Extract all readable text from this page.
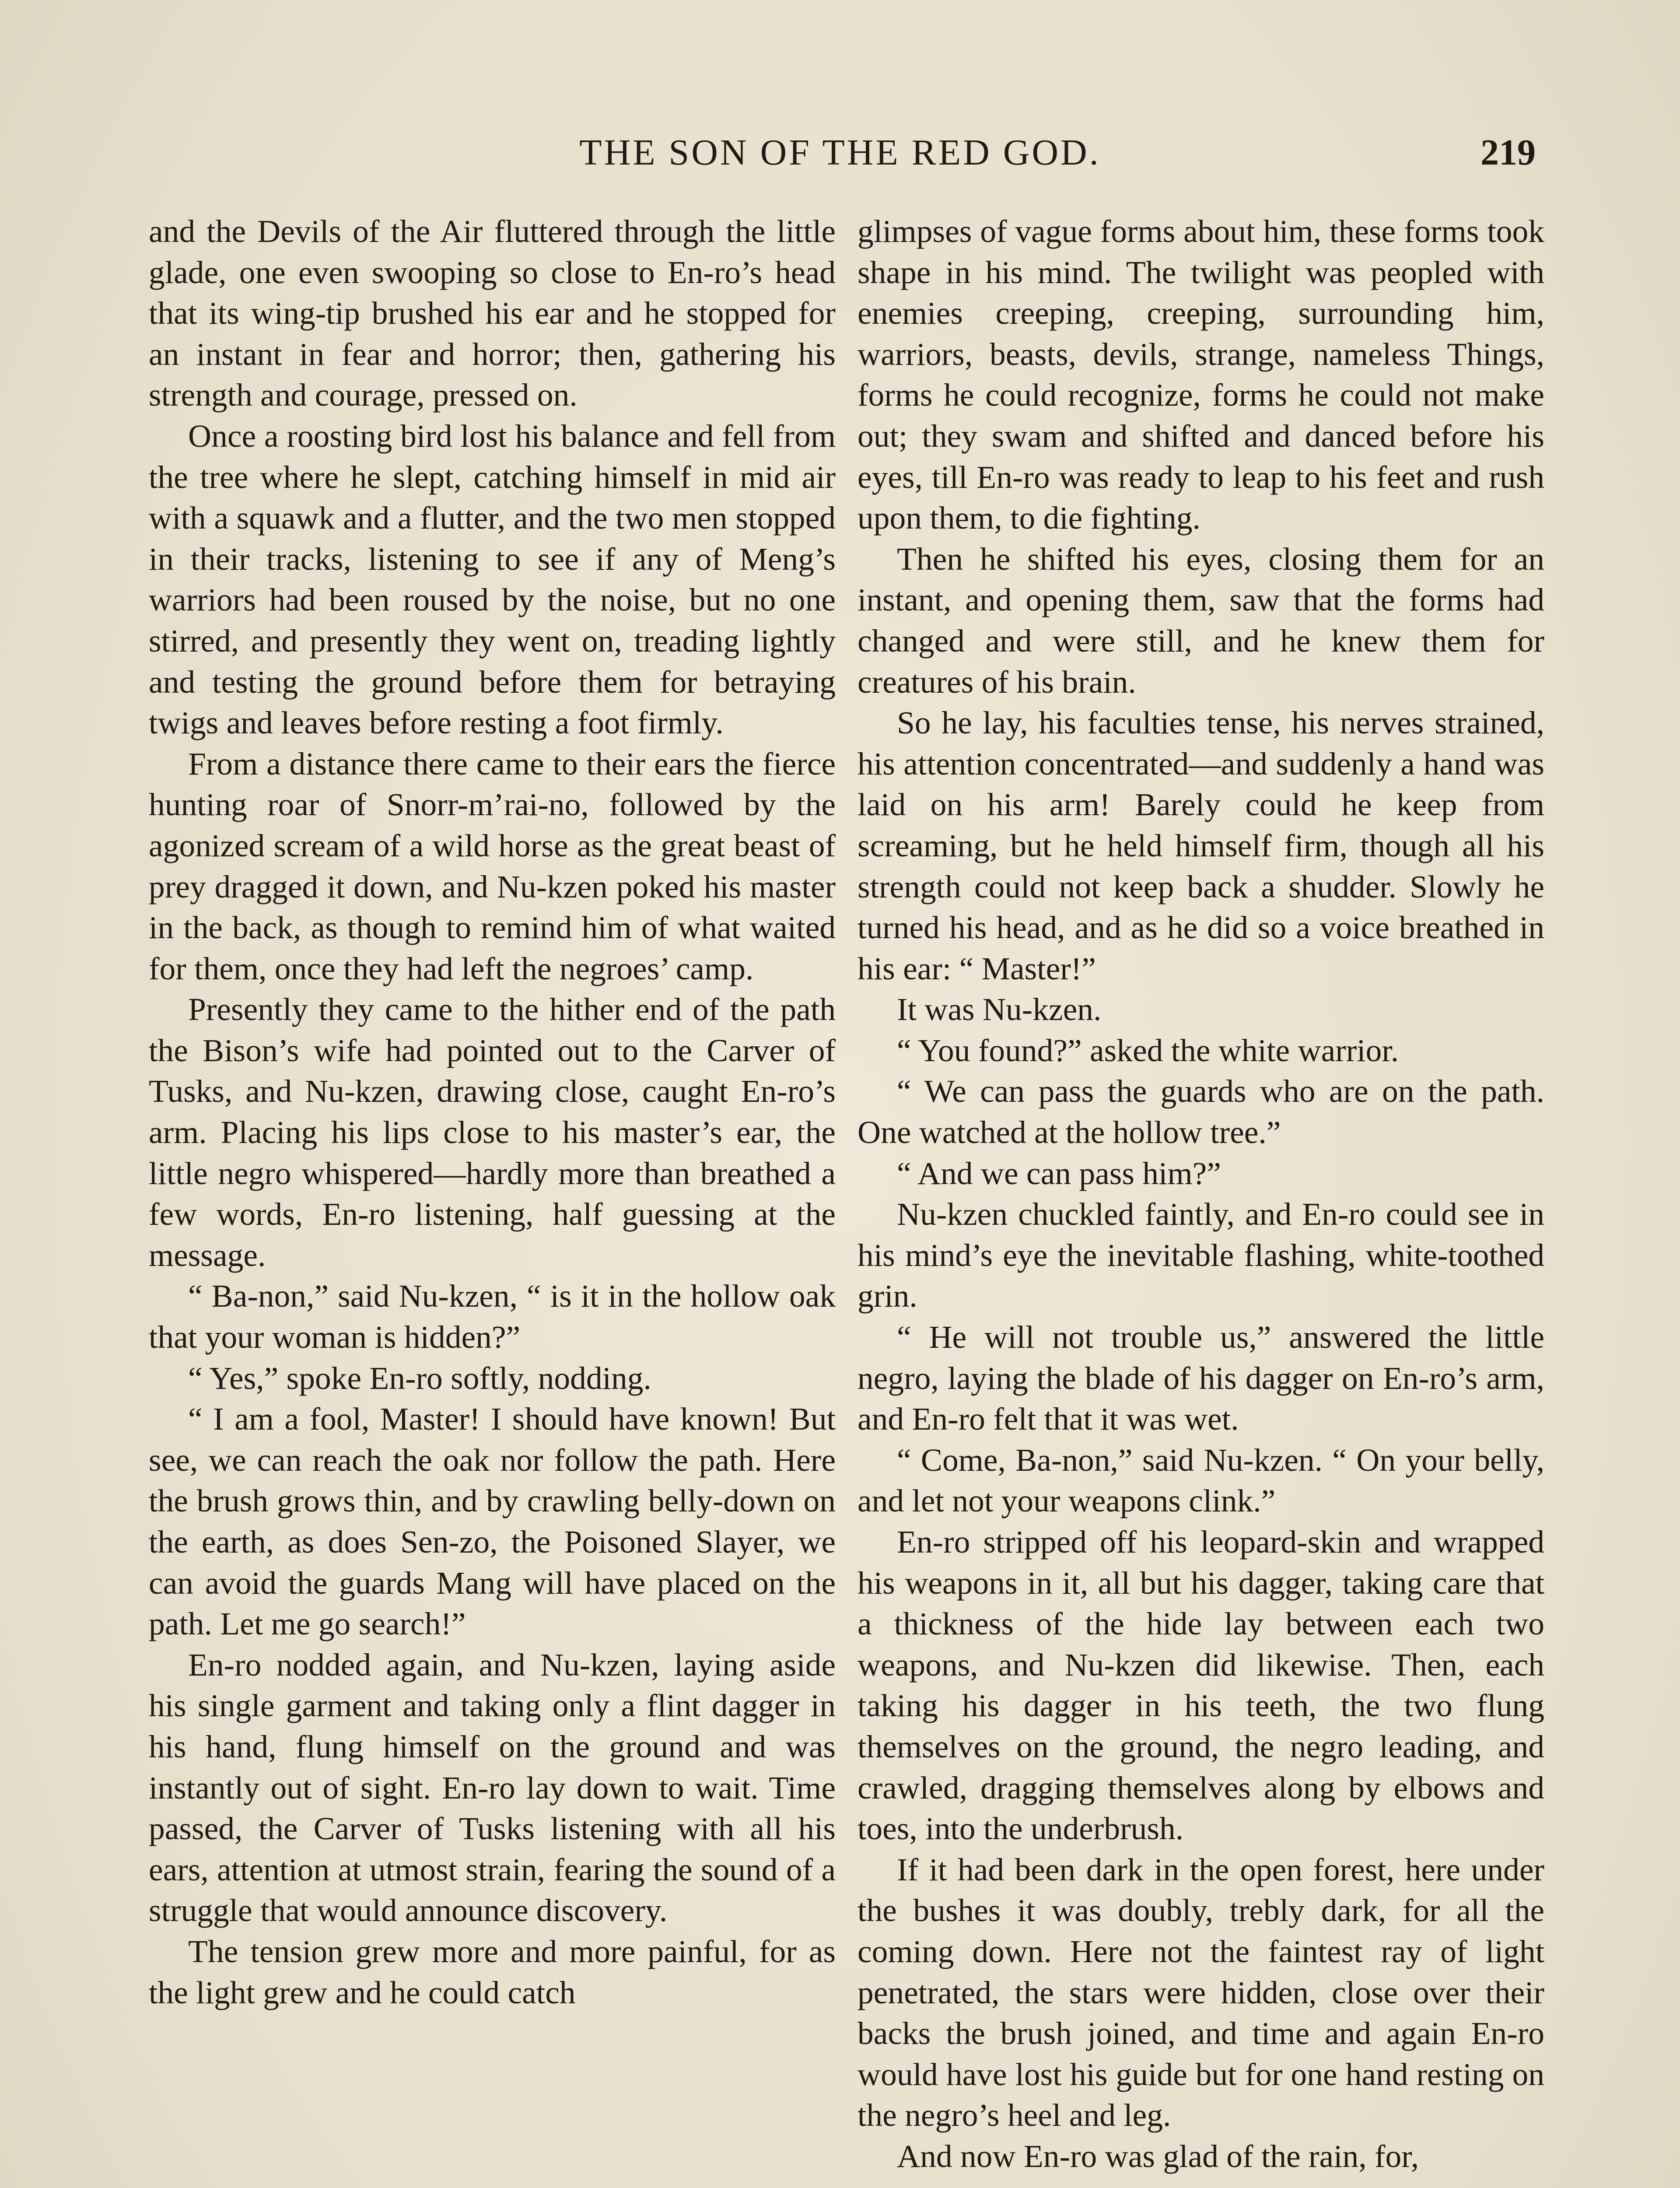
THE SON OF THE RED GOD.	219

and the Devils of the Air fluttered through the little glade, one even swooping so close to En-ro’s head that its wing-tip brushed his ear and he stopped for an instant in fear and horror; then, gathering his strength and courage, pressed on.

Once a roosting bird lost his balance and fell from the tree where he slept, catching himself in mid air with a squawk and a flutter, and the two men stopped in their tracks, listening to see if any of Meng’s warriors had been roused by the noise, but no one stirred, and presently they went on, treading lightly and testing the ground before them for betraying twigs and leaves before resting a foot firmly.

From a distance there came to their ears the fierce hunting roar of Snorr-m’rai-no, followed by the agonized scream of a wild horse as the great beast of prey dragged it down, and Nu-kzen poked his master in the back, as though to remind him of what waited for them, once they had left the negroes’ camp.

Presently they came to the hither end of the path the Bison’s wife had pointed out to the Carver of Tusks, and Nu-kzen, drawing close, caught En-ro’s arm. Placing his lips close to his master’s ear, the little negro whispered—hardly more than breathed a few words, En-ro listening, half guessing at the message.

“ Ba-non,” said Nu-kzen, “ is it in the hollow oak that your woman is hidden?”

“ Yes,” spoke En-ro softly, nodding.

“ I am a fool, Master! I should have known! But see, we can reach the oak nor follow the path. Here the brush grows thin, and by crawling belly-down on the earth, as does Sen-zo, the Poisoned Slayer, we can avoid the guards Mang will have placed on the path. Let me go search!”

En-ro nodded again, and Nu-kzen, laying aside his single garment and taking only a flint dagger in his hand, flung himself on the ground and was instantly out of sight. En-ro lay down to wait. Time passed, the Carver of Tusks listening with all his ears, attention at utmost strain, fearing the sound of a struggle that would announce discovery.

The tension grew more and more painful, for as the light grew and he could catch

glimpses of vague forms about him, these forms took shape in his mind. The twilight was peopled with enemies creeping, creeping, surrounding him, warriors, beasts, devils, strange, nameless Things, forms he could recognize, forms he could not make out; they swam and shifted and danced before his eyes, till En-ro was ready to leap to his feet and rush upon them, to die fighting.

Then he shifted his eyes, closing them for an instant, and opening them, saw that the forms had changed and were still, and he knew them for creatures of his brain.

So he lay, his faculties tense, his nerves strained, his attention concentrated—and suddenly a hand was laid on his arm! Barely could he keep from screaming, but he held himself firm, though all his strength could not keep back a shudder. Slowly he turned his head, and as he did so a voice breathed in his ear: “ Master!”

It was Nu-kzen.

“ You found?” asked the white warrior.

“ We can pass the guards who are on the path. One watched at the hollow tree.”

“ And we can pass him?”

Nu-kzen chuckled faintly, and En-ro could see in his mind’s eye the inevitable flashing, white-toothed grin.

“ He will not trouble us,” answered the little negro, laying the blade of his dagger on En-ro’s arm, and En-ro felt that it was wet.

“ Come, Ba-non,” said Nu-kzen. “ On your belly, and let not your weapons clink.”

En-ro stripped off his leopard-skin and wrapped his weapons in it, all but his dagger, taking care that a thickness of the hide lay between each two weapons, and Nu-kzen did likewise. Then, each taking his dagger in his teeth, the two flung themselves on the ground, the negro leading, and crawled, dragging themselves along by elbows and toes, into the underbrush.

If it had been dark in the open forest, here under the bushes it was doubly, trebly dark, for all the coming down. Here not the faintest ray of light penetrated, the stars were hidden, close over their backs the brush joined, and time and again En-ro would have lost his guide but for one hand resting on the negro’s heel and leg.

And now En-ro was glad of the rain, for,
